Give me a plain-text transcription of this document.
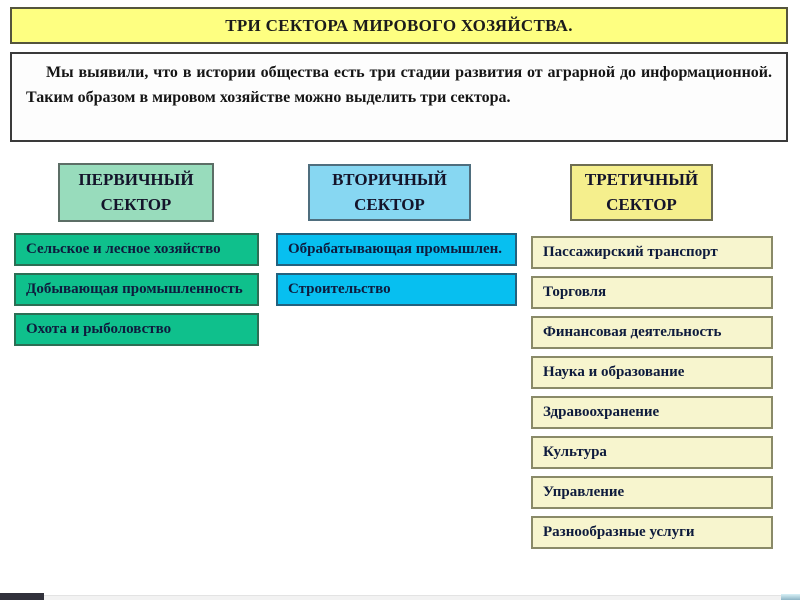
ТРИ СЕКТОРА МИРОВОГО ХОЗЯЙСТВА.

Мы выявили, что в истории общества есть три стадии развития от аграрной до информационной. Таким образом в мировом хозяйстве можно выделить три сектора.

ПЕРВИЧНЫЙ СЕКТОР
Сельское и лесное хозяйство
Добывающая промышленность
Охота и рыболовство
ВТОРИЧНЫЙ СЕКТОР
Обрабатывающая промышлен.
Строительство
ТРЕТИЧНЫЙ СЕКТОР
Пассажирский транспорт
Торговля
Финансовая деятельность
Наука и образование
Здравоохранение
Культура
Управление
Разнообразные услуги
